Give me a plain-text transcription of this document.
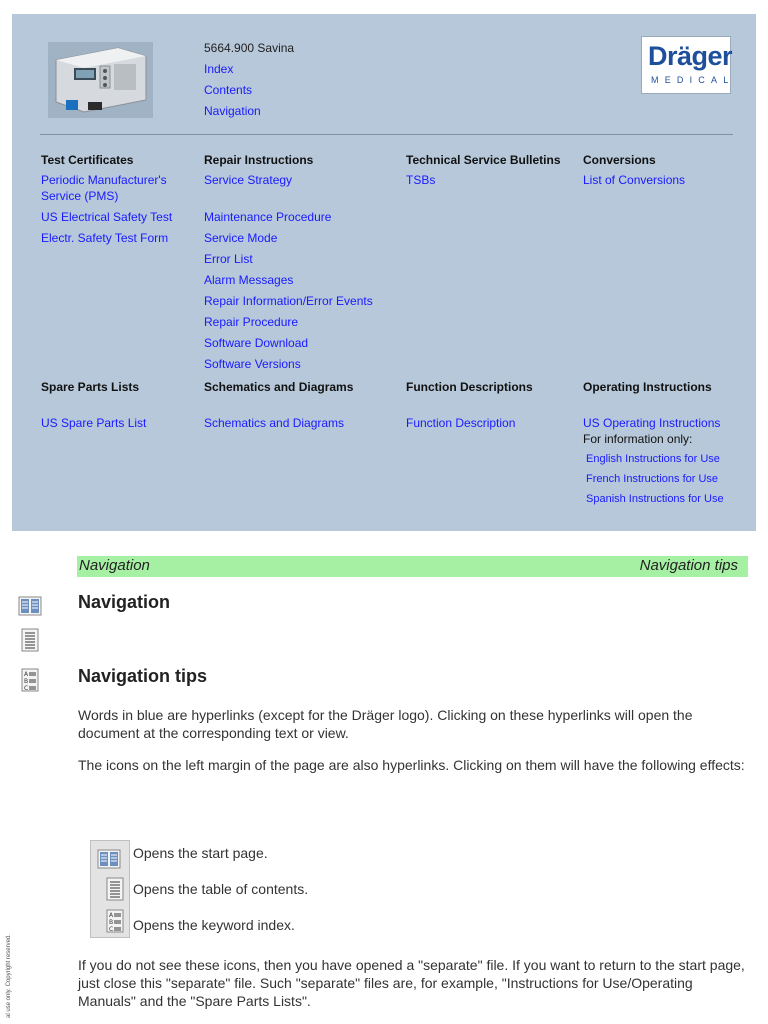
5664.900 Savina
Index
Contents
Navigation
Dräger
MEDICAL
Test Certificates
Periodic Manufacturer's Service (PMS)
US Electrical Safety Test
Electr. Safety Test Form
Repair Instructions
Service Strategy
Maintenance Procedure
Service Mode
Error List
Alarm Messages
Repair Information/Error Events
Repair Procedure
Software Download
Software Versions
Technical Service Bulletins
TSBs
Conversions
List of Conversions
Spare Parts Lists
US Spare Parts List
Schematics and Diagrams
Schematics and Diagrams
Function Descriptions
Function Description
Operating Instructions
US Operating Instructions
For information only:
English Instructions for Use
French Instructions for Use
Spanish Instructions for Use
Navigation	Navigation tips
A
B
C
Navigation
Navigation tips

Words in blue are hyperlinks (except for the Dräger logo). Clicking on these hyperlinks will open the document at the corresponding text or view.

The icons on the left margin of the page are also hyperlinks. Clicking on them will have the following effects:

A
B
C
Opens the start page.
Opens the table of contents.
Opens the keyword index.

If you do not see these icons, then you have opened a "separate" file. If you want to return to the start page, just close this "separate" file. Such "separate" files are, for example, "Instructions for Use/Operating Manuals" and the "Spare Parts Lists".

al use only. Copyright reserved.
